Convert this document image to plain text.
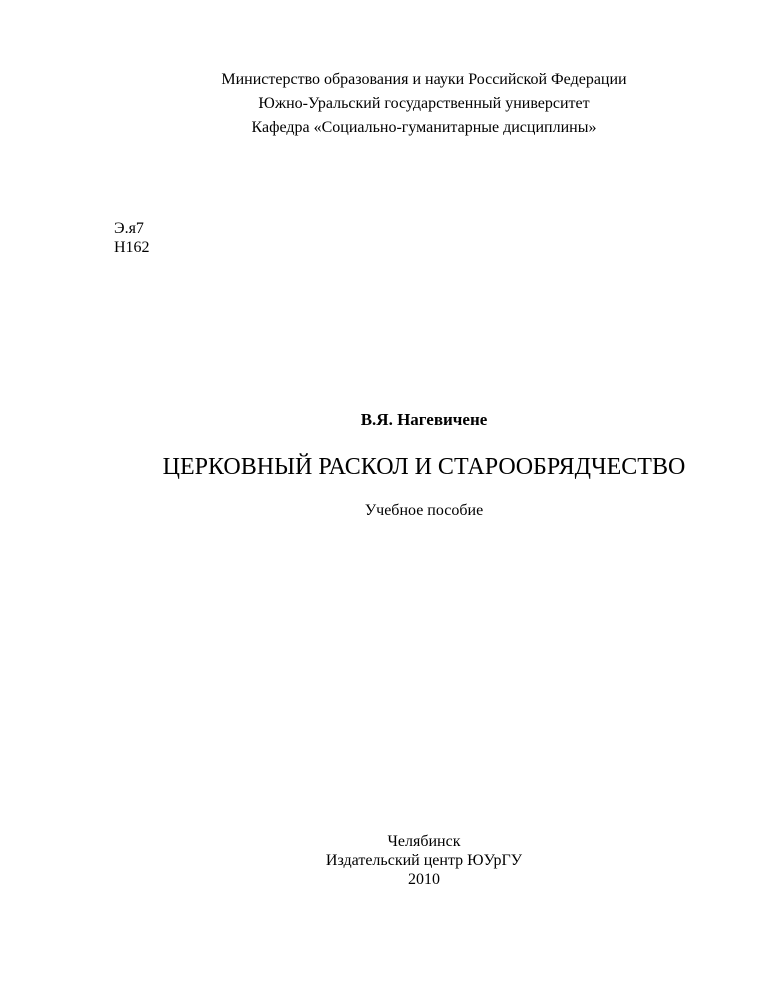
Министерство образования и науки Российской Федерации
Южно-Уральский государственный университет
Кафедра «Социально-гуманитарные дисциплины»
Э.я7
Н162
В.Я. Нагевичене
ЦЕРКОВНЫЙ РАСКОЛ И СТАРООБРЯДЧЕСТВО
Учебное пособие
Челябинск
Издательский центр ЮУрГУ
2010
